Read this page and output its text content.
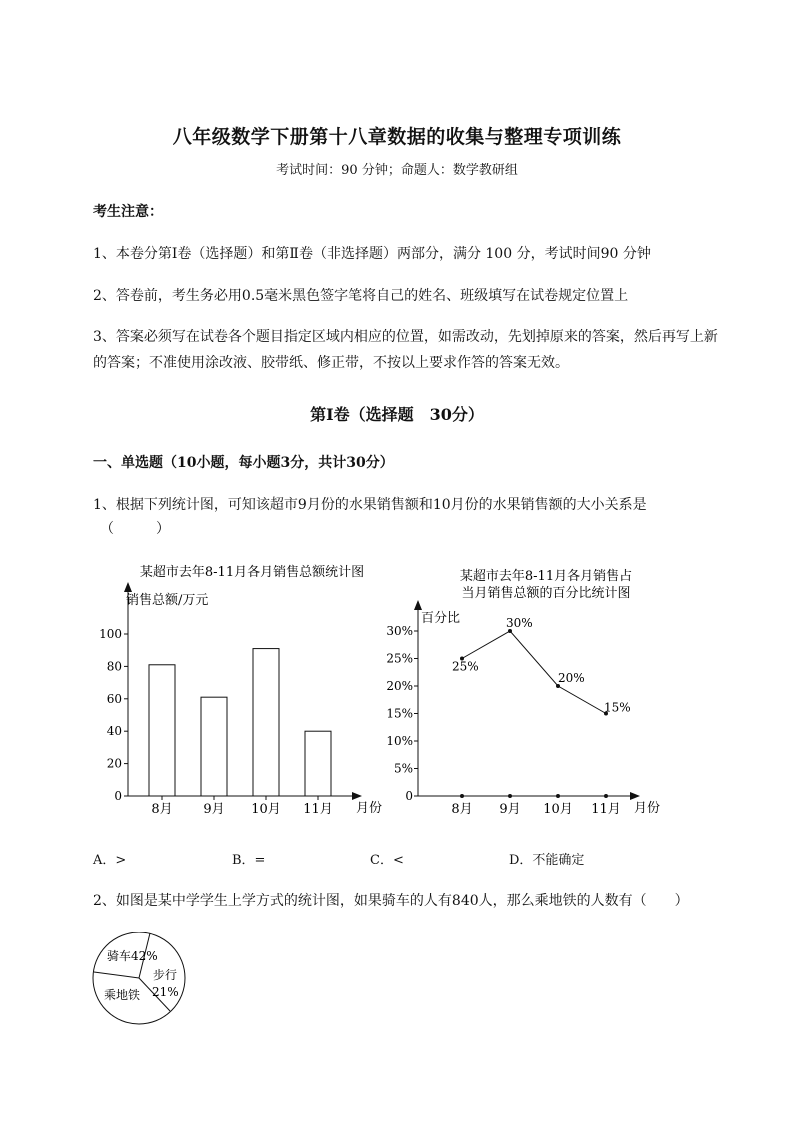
八年级数学下册第十八章数据的收集与整理专项训练
考试时间：90 分钟；命题人：数学教研组
考生注意：
1、本卷分第Ⅰ卷（选择题）和第Ⅱ卷（非选择题）两部分，满分 100 分，考试时间90 分钟
2、答卷前，考生务必用0.5毫米黑色签字笔将自己的姓名、班级填写在试卷规定位置上
3、答案必须写在试卷各个题目指定区域内相应的位置，如需改动，先划掉原来的答案，然后再写上新
的答案；不准使用涂改液、胶带纸、修正带，不按以上要求作答的答案无效。
第Ⅰ卷（选择题　30分）
一、单选题（10小题，每小题3分，共计30分）
1、根据下列统计图，可知该超市9月份的水果销售额和10月份的水果销售额的大小关系是
（　　　）
某超市去年8-11月各月销售总额统计图
销售总额/万元
月份
0
20
40
60
80
100
8月 9月 10月 11月
某超市去年8-11月各月销售占
当月销售总额的百分比统计图
百分比
月份
0
5%
10%
15%
20%
25%
30%
8月
25%
9月
30%
10月
20%
11月
15%
A．>	B．=	C．<	D．不能确定
2、如图是某中学学生上学方式的统计图，如果骑车的人有840人，那么乘地铁的人数有（　　）
骑车42%
步行
21%
乘地铁
